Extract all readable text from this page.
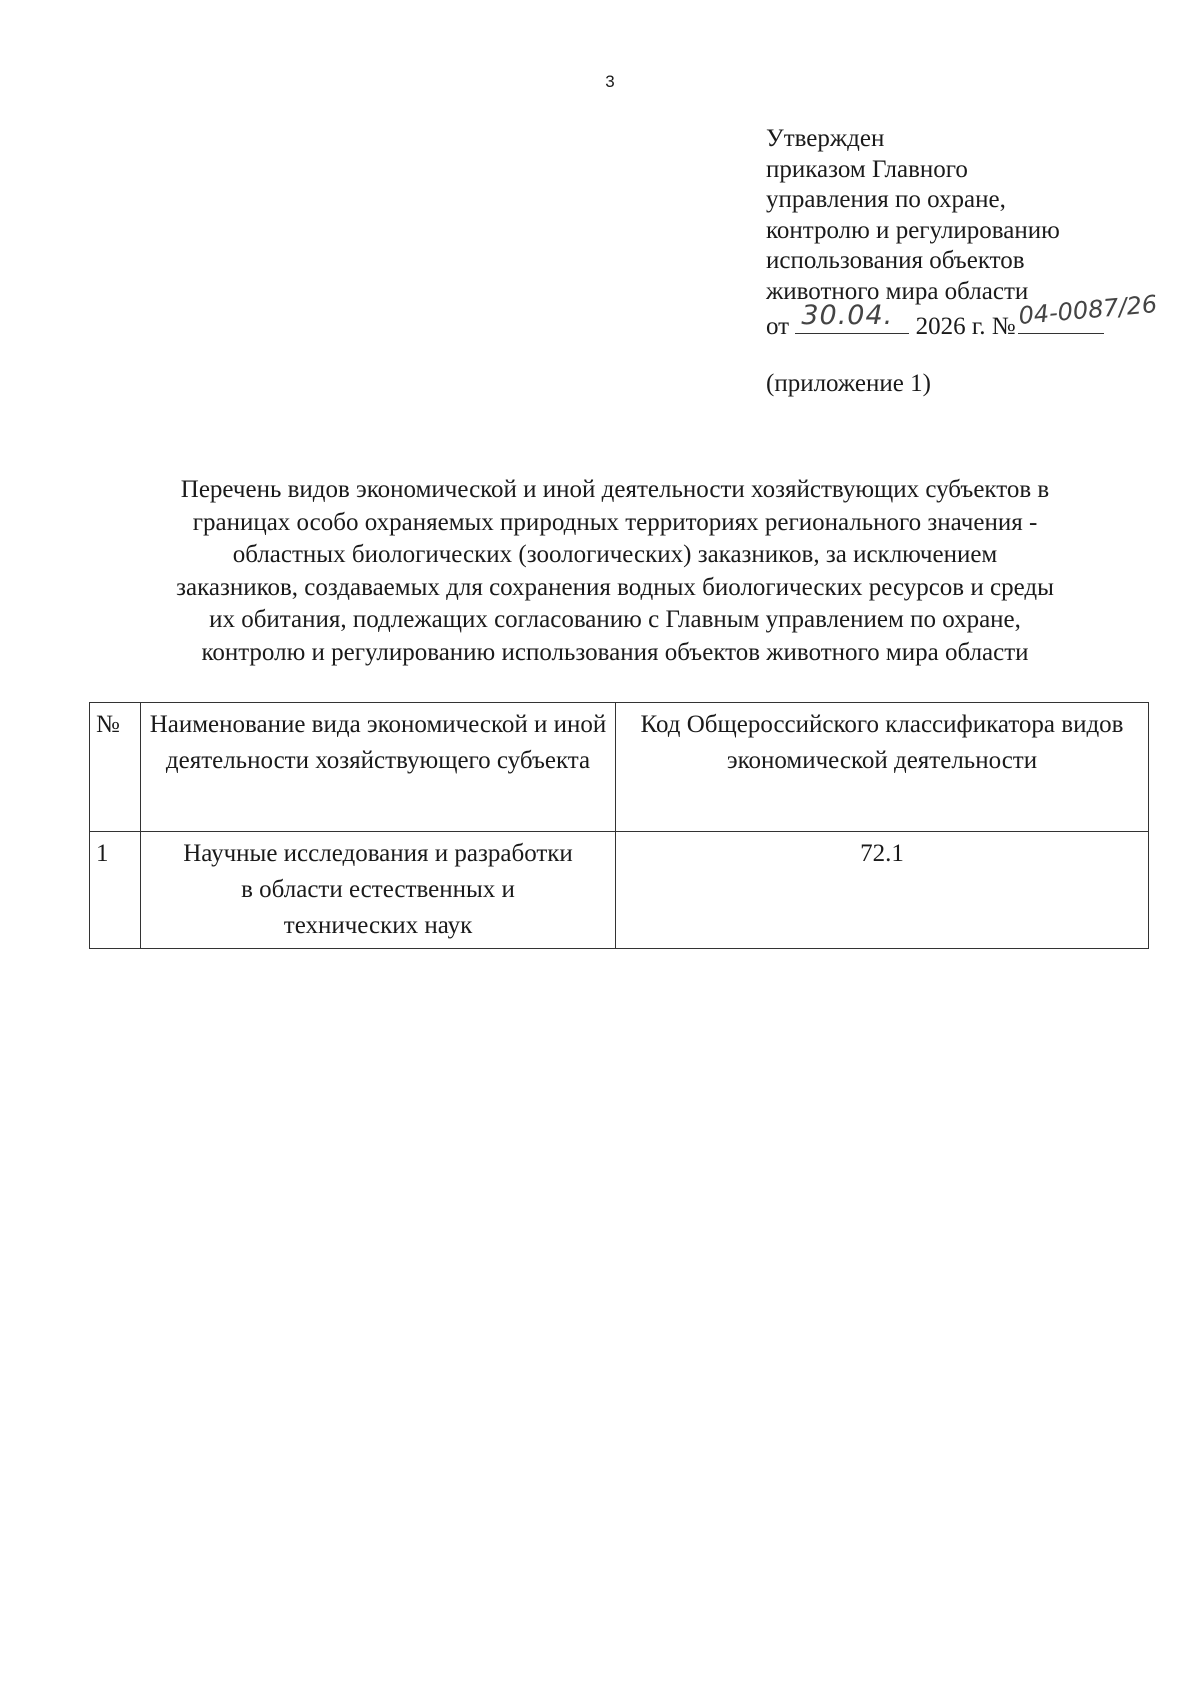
3
Утвержден
приказом Главного
управления по охране,
контролю и регулированию
использования объектов
животного мира области
от 30.04. 2026 г. № 04-0087/26
(приложение 1)
Перечень видов экономической и иной деятельности хозяйствующих субъектов в
границах особо охраняемых природных территориях регионального значения -
областных биологических (зоологических) заказников, за исключением
заказников, создаваемых для сохранения водных биологических ресурсов и среды
их обитания, подлежащих согласованию с Главным управлением по охране,
контролю и регулированию использования объектов животного мира области
№	Наименование вида экономической и иной деятельности хозяйствующего субъекта	Код Общероссийского классификатора видов экономической деятельности
1	Научные исследования и разработки
в области естественных и
технических наук	72.1
